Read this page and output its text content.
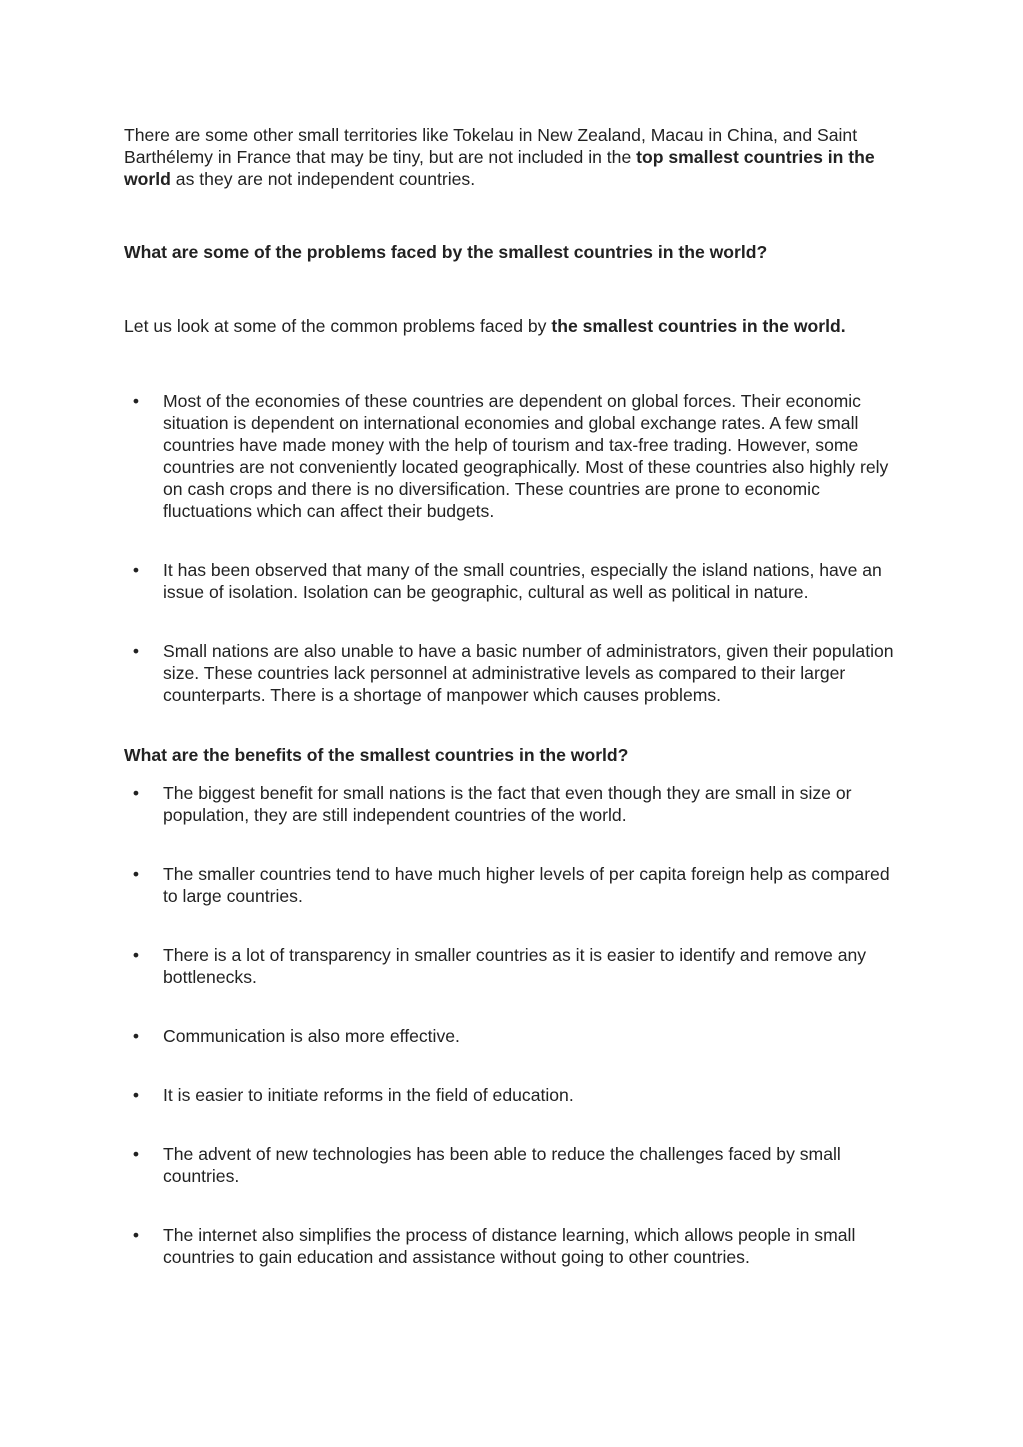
There are some other small territories like Tokelau in New Zealand, Macau in China, and Saint Barthélemy in France that may be tiny, but are not included in the top smallest countries in the world as they are not independent countries.

What are some of the problems faced by the smallest countries in the world?

Let us look at some of the common problems faced by the smallest countries in the world.

• Most of the economies of these countries are dependent on global forces. Their economic situation is dependent on international economies and global exchange rates. A few small countries have made money with the help of tourism and tax-free trading. However, some countries are not conveniently located geographically. Most of these countries also highly rely on cash crops and there is no diversification. These countries are prone to economic fluctuations which can affect their budgets.
• It has been observed that many of the small countries, especially the island nations, have an issue of isolation. Isolation can be geographic, cultural as well as political in nature.
• Small nations are also unable to have a basic number of administrators, given their population size. These countries lack personnel at administrative levels as compared to their larger counterparts. There is a shortage of manpower which causes problems.

What are the benefits of the smallest countries in the world?

• The biggest benefit for small nations is the fact that even though they are small in size or population, they are still independent countries of the world.
• The smaller countries tend to have much higher levels of per capita foreign help as compared to large countries.
• There is a lot of transparency in smaller countries as it is easier to identify and remove any bottlenecks.
• Communication is also more effective.
• It is easier to initiate reforms in the field of education.
• The advent of new technologies has been able to reduce the challenges faced by small countries.
• The internet also simplifies the process of distance learning, which allows people in small countries to gain education and assistance without going to other countries.
